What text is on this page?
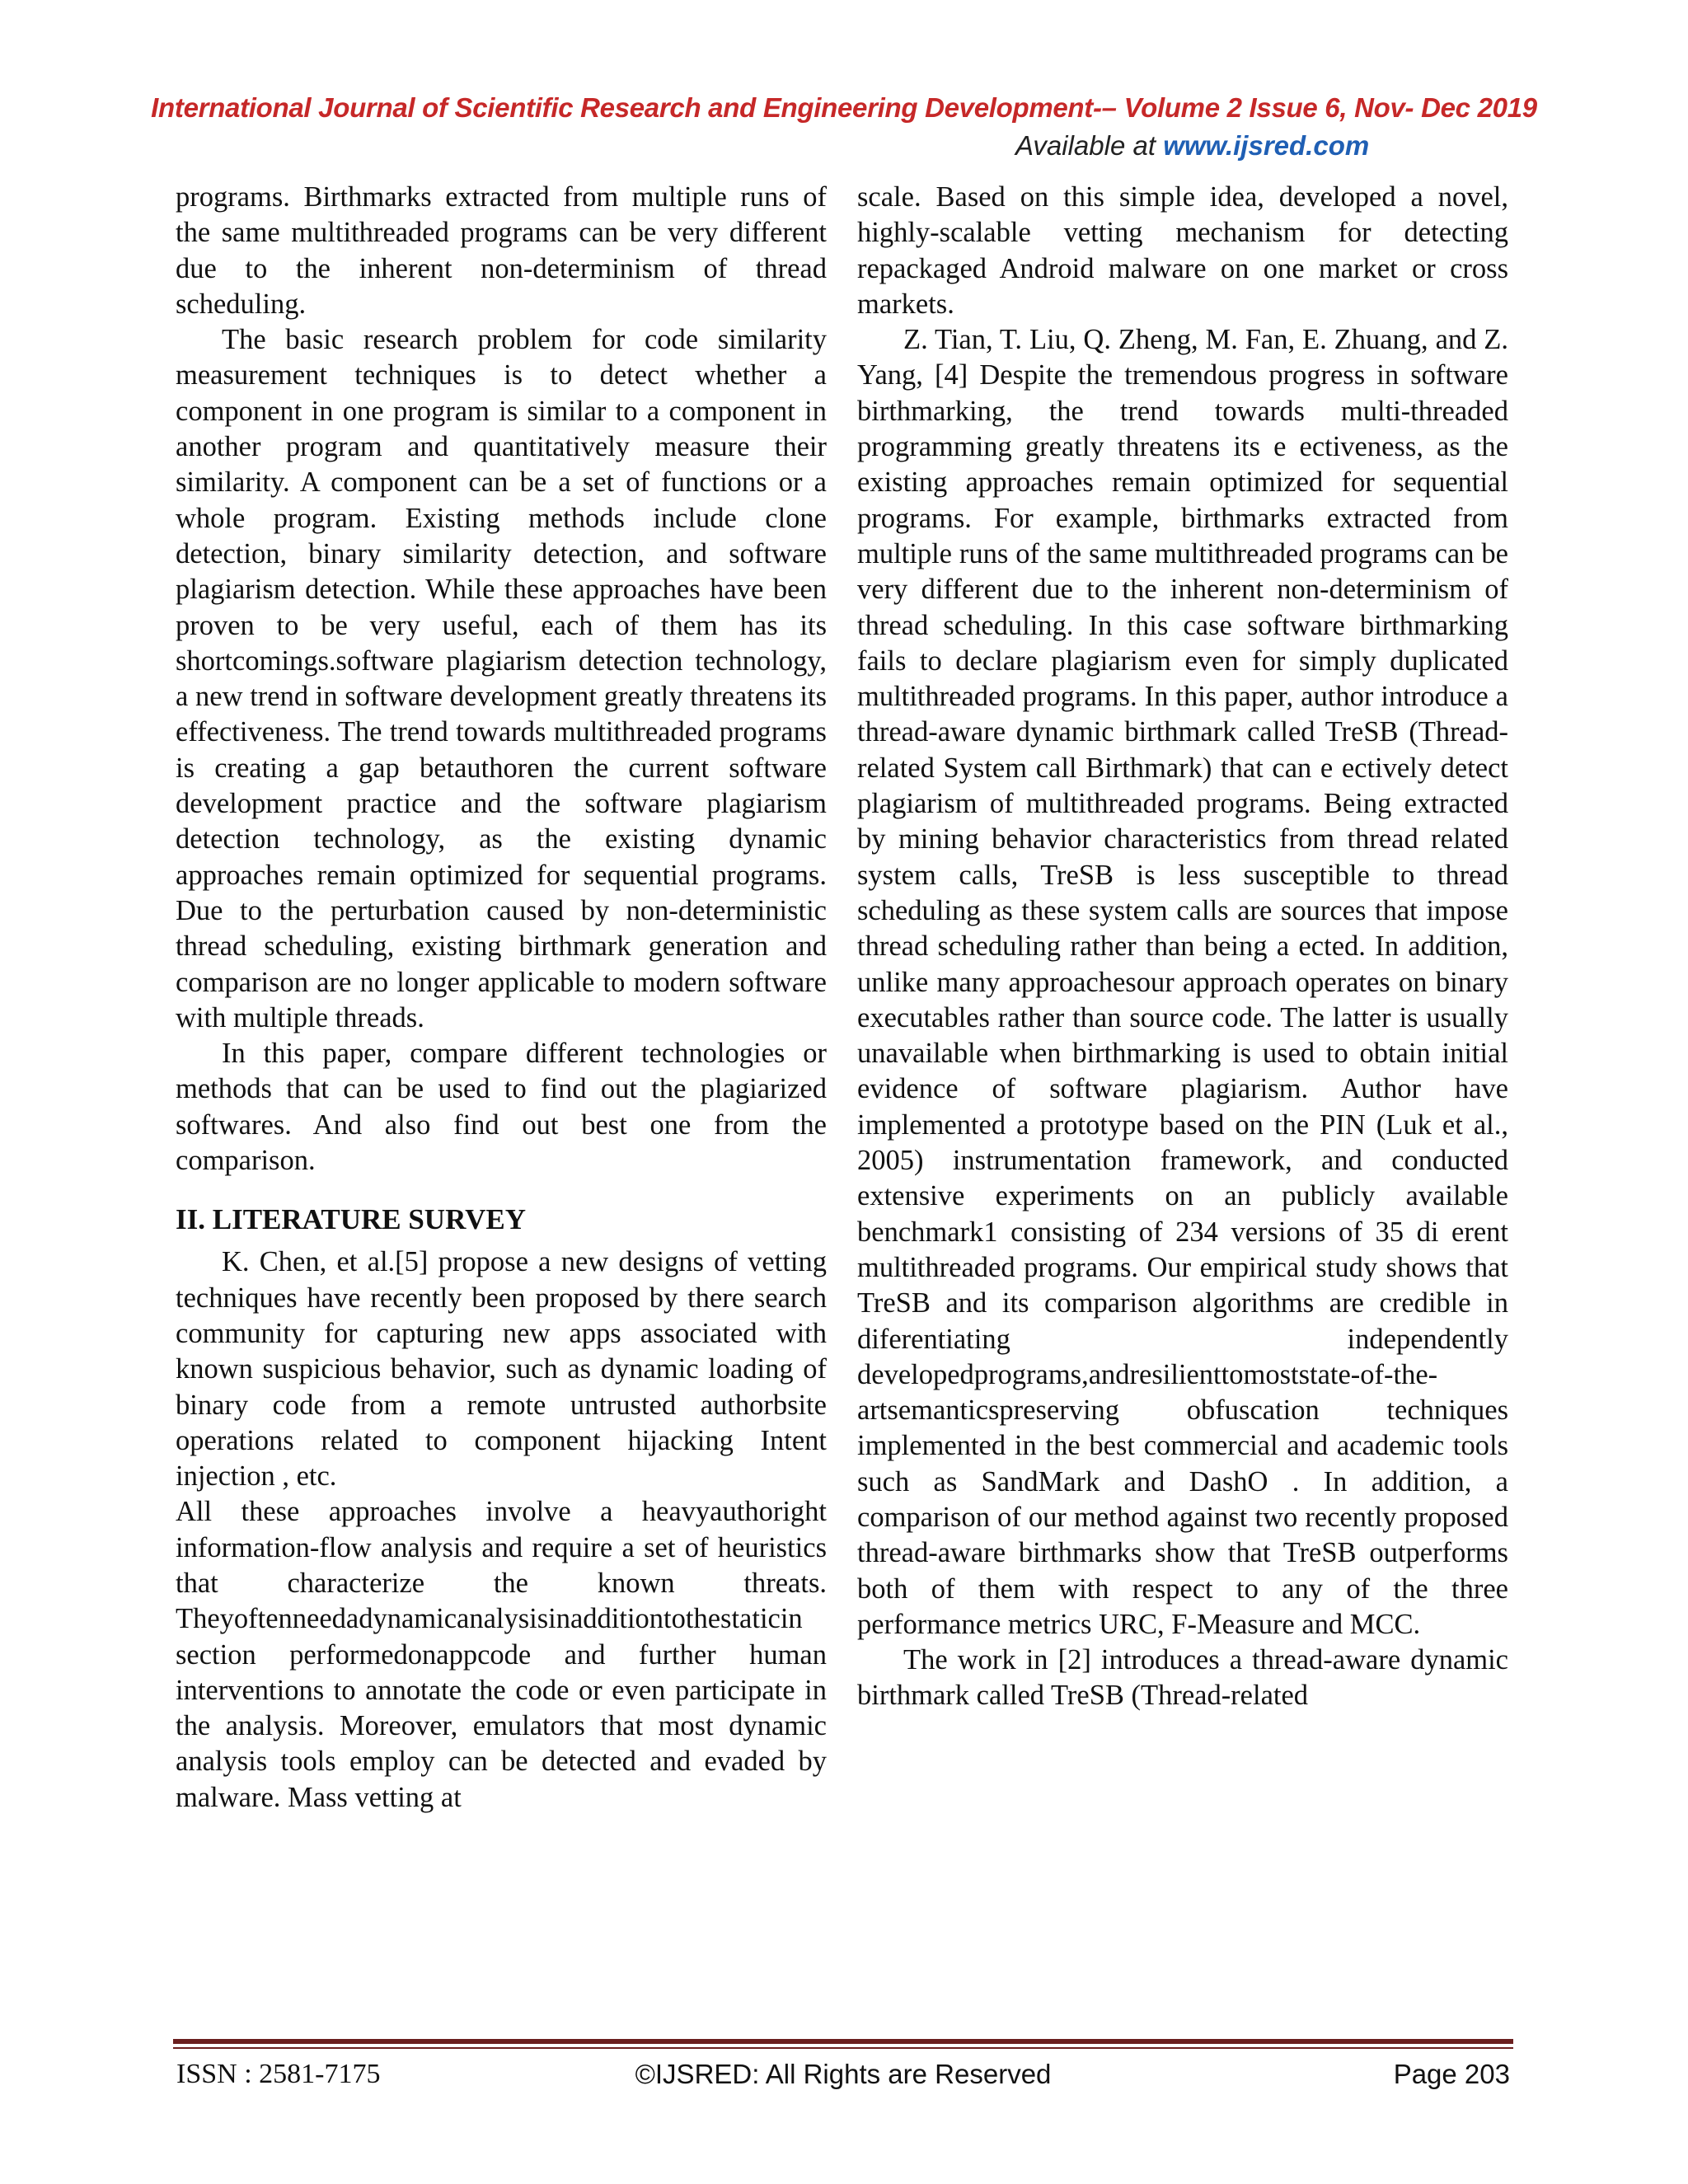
International Journal of Scientific Research and Engineering Development-– Volume 2 Issue 6, Nov- Dec 2019
Available at www.ijsred.com

programs. Birthmarks extracted from multiple runs of the same multithreaded programs can be very different due to the inherent non-determinism of thread scheduling.

The basic research problem for code similarity measurement techniques is to detect whether a component in one program is similar to a component in another program and quantitatively measure their similarity. A component can be a set of functions or a whole program. Existing methods include clone detection, binary similarity detection, and software plagiarism detection. While these approaches have been proven to be very useful, each of them has its shortcomings.software plagiarism detection technology, a new trend in software development greatly threatens its effectiveness. The trend towards multithreaded programs is creating a gap betauthoren the current software development practice and the software plagiarism detection technology, as the existing dynamic approaches remain optimized for sequential programs. Due to the perturbation caused by non-deterministic thread scheduling, existing birthmark generation and comparison are no longer applicable to modern software with multiple threads.

In this paper, compare different technologies or methods that can be used to find out the plagiarized softwares. And also find out best one from the comparison.

II. LITERATURE SURVEY

K. Chen, et al.[5] propose a new designs of vetting techniques have recently been proposed by there search community for capturing new apps associated with known suspicious behavior, such as dynamic loading of binary code from a remote untrusted authorbsite operations related to component hijacking Intent injection , etc.

All these approaches involve a heavyauthoright information-flow analysis and require a set of heuristics that characterize the known threats. Theyoftenneedadynamicanalysisinadditiontothestaticin section performedonappcode and further human interventions to annotate the code or even participate in the analysis. Moreover, emulators that most dynamic analysis tools employ can be detected and evaded by malware. Mass vetting at

scale. Based on this simple idea, developed a novel, highly-scalable vetting mechanism for detecting repackaged Android malware on one market or cross markets.

Z. Tian, T. Liu, Q. Zheng, M. Fan, E. Zhuang, and Z. Yang, [4] Despite the tremendous progress in software birthmarking, the trend towards multi-threaded programming greatly threatens its e ectiveness, as the existing approaches remain optimized for sequential programs. For example, birthmarks extracted from multiple runs of the same multithreaded programs can be very different due to the inherent non-determinism of thread scheduling. In this case software birthmarking fails to declare plagiarism even for simply duplicated multithreaded programs. In this paper, author introduce a thread-aware dynamic birthmark called TreSB (Thread-related System call Birthmark) that can e ectively detect plagiarism of multithreaded programs. Being extracted by mining behavior characteristics from thread related system calls, TreSB is less susceptible to thread scheduling as these system calls are sources that impose thread scheduling rather than being a ected. In addition, unlike many approachesour approach operates on binary executables rather than source code. The latter is usually unavailable when birthmarking is used to obtain initial evidence of software plagiarism. Author have implemented a prototype based on the PIN (Luk et al., 2005) instrumentation framework, and conducted extensive experiments on an publicly available benchmark1 consisting of 234 versions of 35 di erent multithreaded programs. Our empirical study shows that TreSB and its comparison algorithms are credible in diferentiating independently developedprograms,andresilienttomoststate-of-the-artsemanticspreserving obfuscation techniques implemented in the best commercial and academic tools such as SandMark and DashO . In addition, a comparison of our method against two recently proposed thread-aware birthmarks show that TreSB outperforms both of them with respect to any of the three performance metrics URC, F-Measure and MCC.

The work in [2] introduces a thread-aware dynamic birthmark called TreSB (Thread-related

ISSN : 2581-7175	©IJSRED: All Rights are Reserved	Page 203
